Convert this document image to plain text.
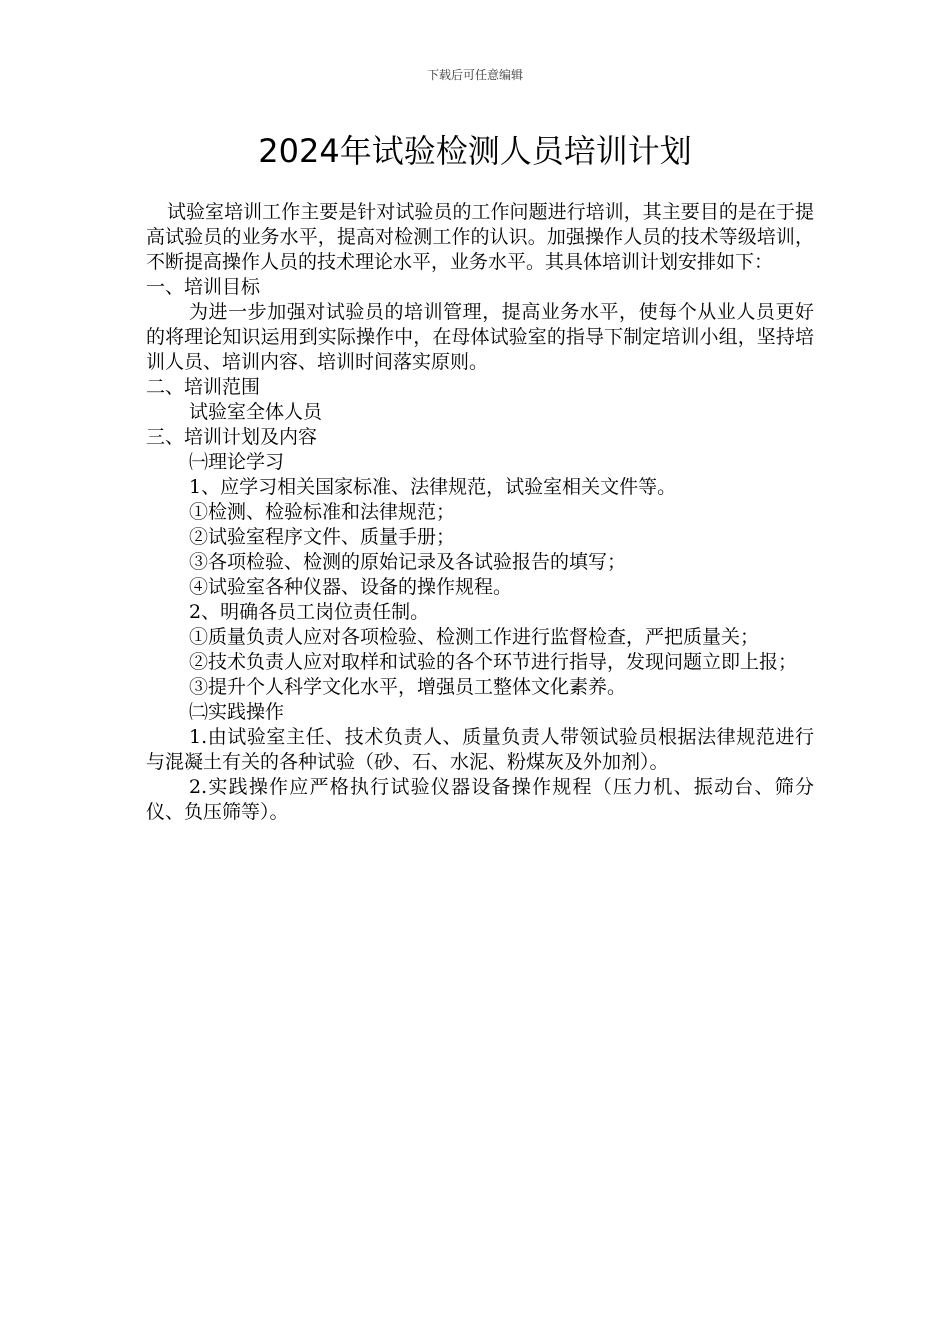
下载后可任意编辑
2024年试验检测人员培训计划

试验室培训工作主要是针对试验员的工作问题进行培训，其主要目的是在于提高试验员的业务水平，提高对检测工作的认识。加强操作人员的技术等级培训，不断提高操作人员的技术理论水平，业务水平。其具体培训计划安排如下：

一、培训目标

为进一步加强对试验员的培训管理，提高业务水平，使每个从业人员更好的将理论知识运用到实际操作中，在母体试验室的指导下制定培训小组，坚持培训人员、培训内容、培训时间落实原则。

二、培训范围

试验室全体人员

三、培训计划及内容

㈠理论学习

1、应学习相关国家标准、法律规范，试验室相关文件等。

①检测、检验标准和法律规范；

②试验室程序文件、质量手册；

③各项检验、检测的原始记录及各试验报告的填写；

④试验室各种仪器、设备的操作规程。

2、明确各员工岗位责任制。

①质量负责人应对各项检验、检测工作进行监督检查，严把质量关；

②技术负责人应对取样和试验的各个环节进行指导，发现问题立即上报；

③提升个人科学文化水平，增强员工整体文化素养。

㈡实践操作

1.由试验室主任、技术负责人、质量负责人带领试验员根据法律规范进行与混凝土有关的各种试验（砂、石、水泥、粉煤灰及外加剂）。

2.实践操作应严格执行试验仪器设备操作规程（压力机、振动台、筛分仪、负压筛等）。
